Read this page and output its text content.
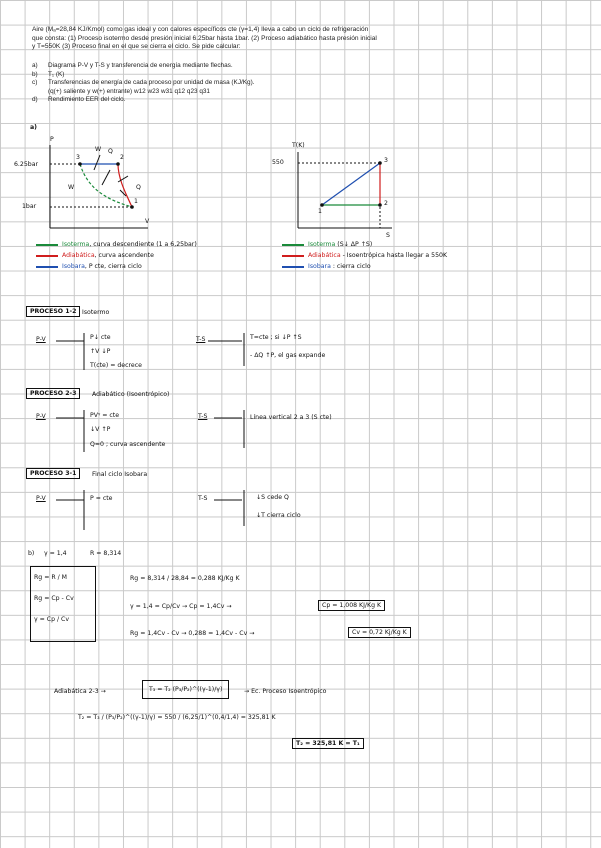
Aire (Mₐ=28,84 KJ/Kmol) como gas ideal y con calores específicos cte (γ=1,4) lleva a cabo un ciclo de refrigeración que consta: (1) Proceso isotermo desde presión inicial 6.25bar hasta 1bar. (2) Proceso adiabático hasta presión inicial y T=550K (3) Proceso final en el que se cierra el ciclo. Se pide calcular:
a)	Diagrama P-V y T-S y transferencia de energía mediante flechas.
b)	T₁ (K)
c)	Transferencias de energía de cada proceso por unidad de masa (KJ/Kg).
(q(+) saliente y w(+) entrante) w12 w23 w31 q12 q23 q31
d)	Rendimiento EER del ciclo.
a)
P
V
6.25bar
1bar
W Q
W	Q
3	2
1
T(K)
550
S
1
2
3
Isoterma, curva descendiente (1 a 6,25bar)
Adiabática, curva ascendente
Isobara, P cte, cierra ciclo
Isoterma (S↓ ΔP ↑S)
Adiabática - Isoentrópica hasta llegar a 550K
Isobara : cierra ciclo
PROCESO 1-2 Isotermo
P-V	P↓ cte
↑V ↓P
T(cte) = decrece
T-S	T=cte ; si ↓P ↑S
- ΔQ ↑P, el gas expande
PROCESO 2-3	Adiabático (Isoentrópico)
P-V	PVᵞ = cte
↓V ↑P
Q=0 ; curva ascendente
T-S	Línea vertical 2 a 3 (S cte)
PROCESO 3-1	Final ciclo Isobara
P-V	P = cte	T-S	↓S cede Q
↓T cierra ciclo
b) γ = 1,4	R = 8,314
Rg = R / M
Rg = Cp - Cv
γ = Cp / Cv
Rg = 8,314 / 28,84 = 0,288 KJ/Kg K
γ = 1,4 = Cp/Cv → Cp = 1,4Cv →	Cp = 1,008 KJ/Kg K
Rg = 1,4Cv - Cv → 0,288 = 1,4Cv - Cv →	Cv = 0,72 Kj/Kg K
Adiabática 2-3 →	T₃ = T₂ (P₃/P₂)^((γ-1)/γ)	→ Ec. Proceso Isoentrópico
T₂ = T₃ / (P₃/P₂)^((γ-1)/γ) = 550 / (6,25/1)^(0,4/1,4) = 325,81 K
T₂ = 325,81 K = T₁
